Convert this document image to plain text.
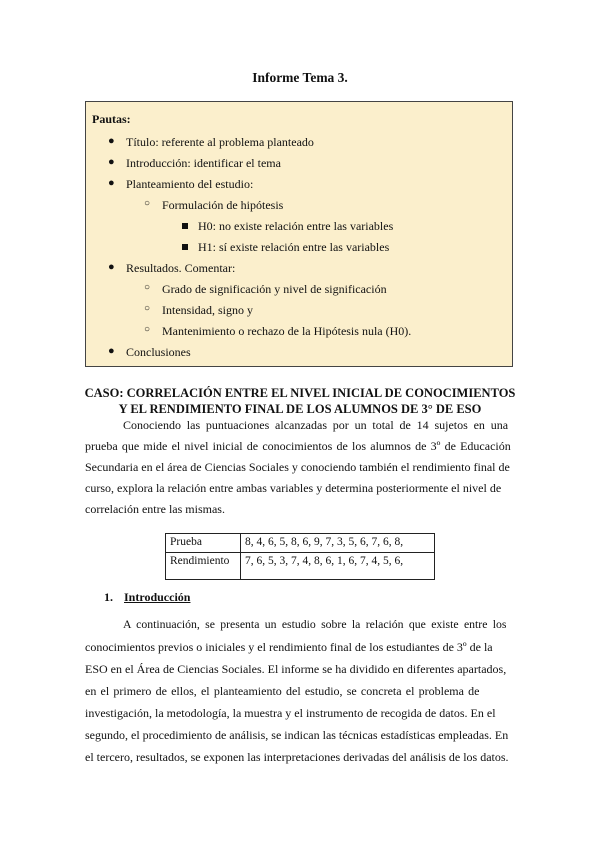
Informe Tema 3.
Pautas:
● Título: referente al problema planteado
● Introducción: identificar el tema
● Planteamiento del estudio:
○ Formulación de hipótesis
H0: no existe relación entre las variables
H1: sí existe relación entre las variables
● Resultados. Comentar:
○ Grado de significación y nivel de significación
○ Intensidad, signo y
○ Mantenimiento o rechazo de la Hipótesis nula (H0).
● Conclusiones
CASO: CORRELACIÓN ENTRE EL NIVEL INICIAL DE CONOCIMIENTOS
Y EL RENDIMIENTO FINAL DE LOS ALUMNOS DE 3° DE ESO
Conociendo las puntuaciones alcanzadas por un total de 14 sujetos en una
prueba que mide el nivel inicial de conocimientos de los alumnos de 3º de Educación
Secundaria en el área de Ciencias Sociales y conociendo también el rendimiento final de
curso, explora la relación entre ambas variables y determina posteriormente el nivel de
correlación entre las mismas.
Prueba	8, 4, 6, 5, 8, 6, 9, 7, 3, 5, 6, 7, 6, 8,
Rendimiento	7, 6, 5, 3, 7, 4, 8, 6, 1, 6, 7, 4, 5, 6,
1. Introducción
A continuación, se presenta un estudio sobre la relación que existe entre los
conocimientos previos o iniciales y el rendimiento final de los estudiantes de 3º de la
ESO en el Área de Ciencias Sociales. El informe se ha dividido en diferentes apartados,
en el primero de ellos, el planteamiento del estudio, se concreta el problema de
investigación, la metodología, la muestra y el instrumento de recogida de datos. En el
segundo, el procedimiento de análisis, se indican las técnicas estadísticas empleadas. En
el tercero, resultados, se exponen las interpretaciones derivadas del análisis de los datos.
